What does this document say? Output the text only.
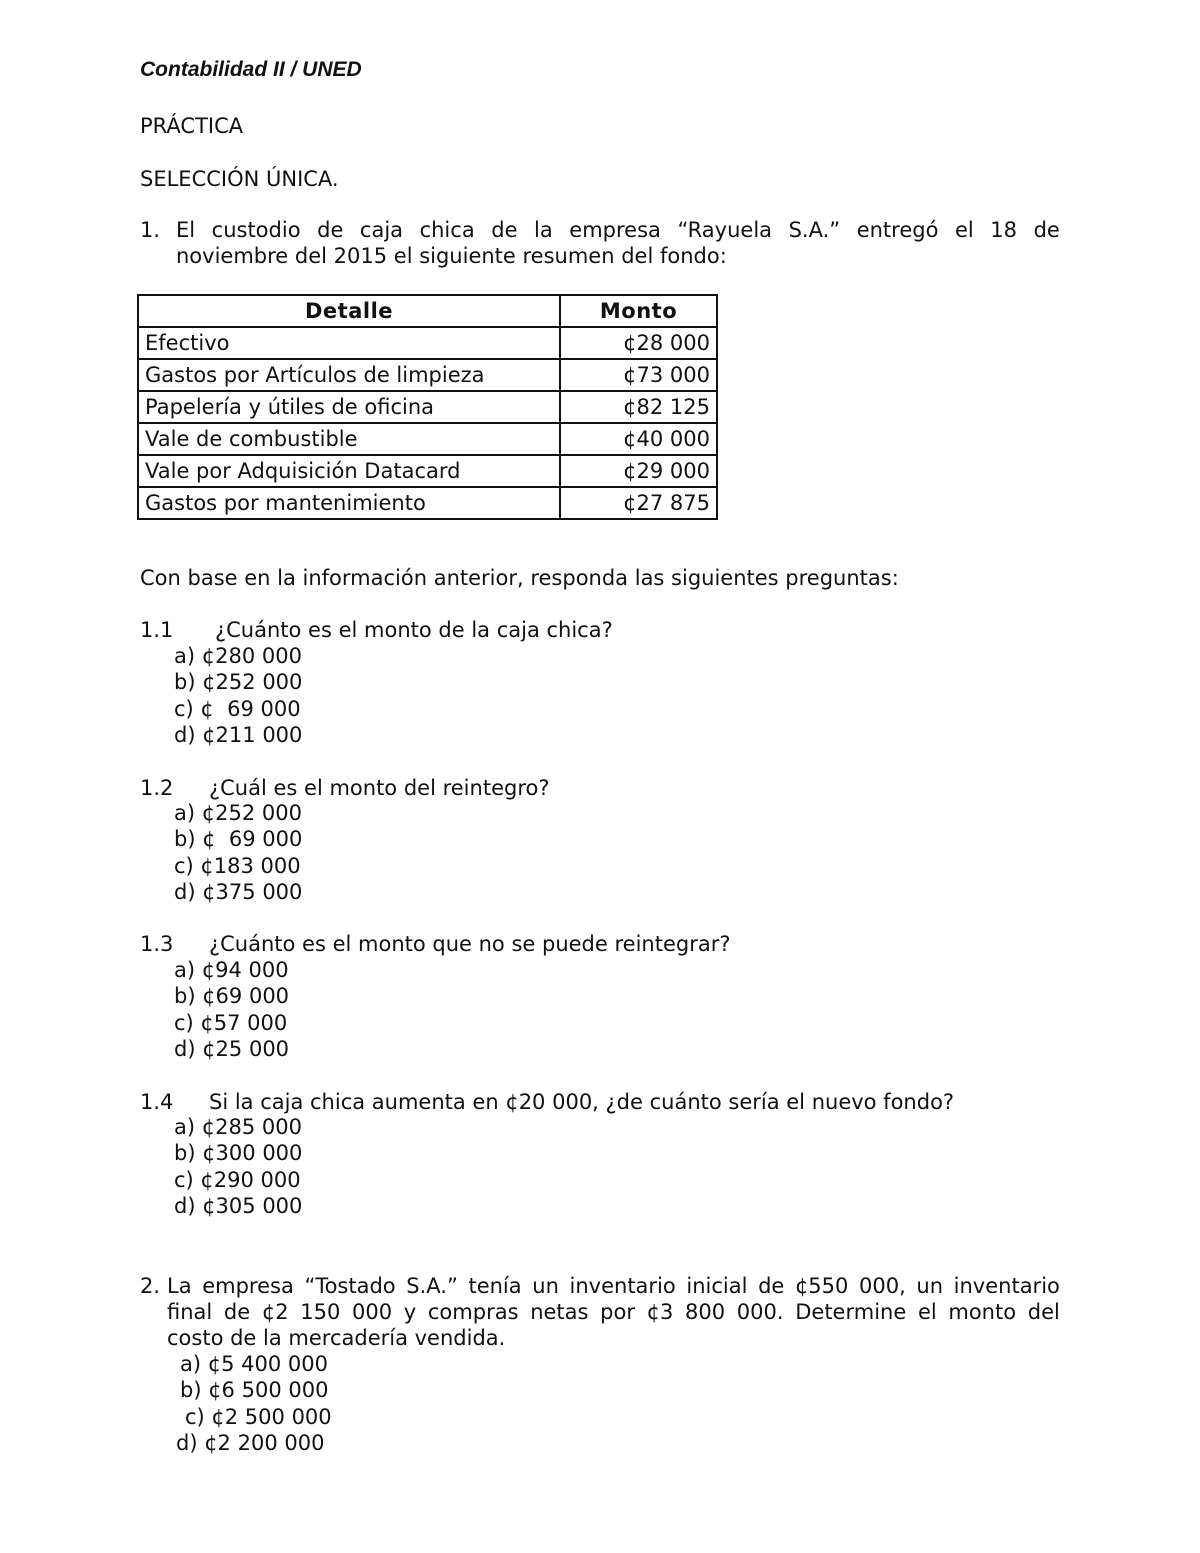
Contabilidad II / UNED
PRÁCTICA
SELECCIÓN ÚNICA.
1. El custodio de caja chica de la empresa “Rayuela S.A.” entregó el 18 de
noviembre del 2015 el siguiente resumen del fondo:
Detalle	Monto
Efectivo	¢28 000
Gastos por Artículos de limpieza	¢73 000
Papelería y útiles de oficina	¢82 125
Vale de combustible	¢40 000
Vale por Adquisición Datacard	¢29 000
Gastos por mantenimiento	¢27 875
Con base en la información anterior, responda las siguientes preguntas:
1.1 ¿Cuánto es el monto de la caja chica?
a) ¢280 000
b) ¢252 000
c) ¢  69 000
d) ¢211 000
1.2 ¿Cuál es el monto del reintegro?
a) ¢252 000
b) ¢  69 000
c) ¢183 000
d) ¢375 000
1.3 ¿Cuánto es el monto que no se puede reintegrar?
a) ¢94 000
b) ¢69 000
c) ¢57 000
d) ¢25 000
1.4 Si la caja chica aumenta en ¢20 000, ¿de cuánto sería el nuevo fondo?
a) ¢285 000
b) ¢300 000
c) ¢290 000
d) ¢305 000
2. La empresa “Tostado S.A.” tenía un inventario inicial de ¢550 000, un inventario
final de ¢2 150 000 y compras netas por ¢3 800 000. Determine el monto del
costo de la mercadería vendida.
a) ¢5 400 000
b) ¢6 500 000
c) ¢2 500 000
d) ¢2 200 000
